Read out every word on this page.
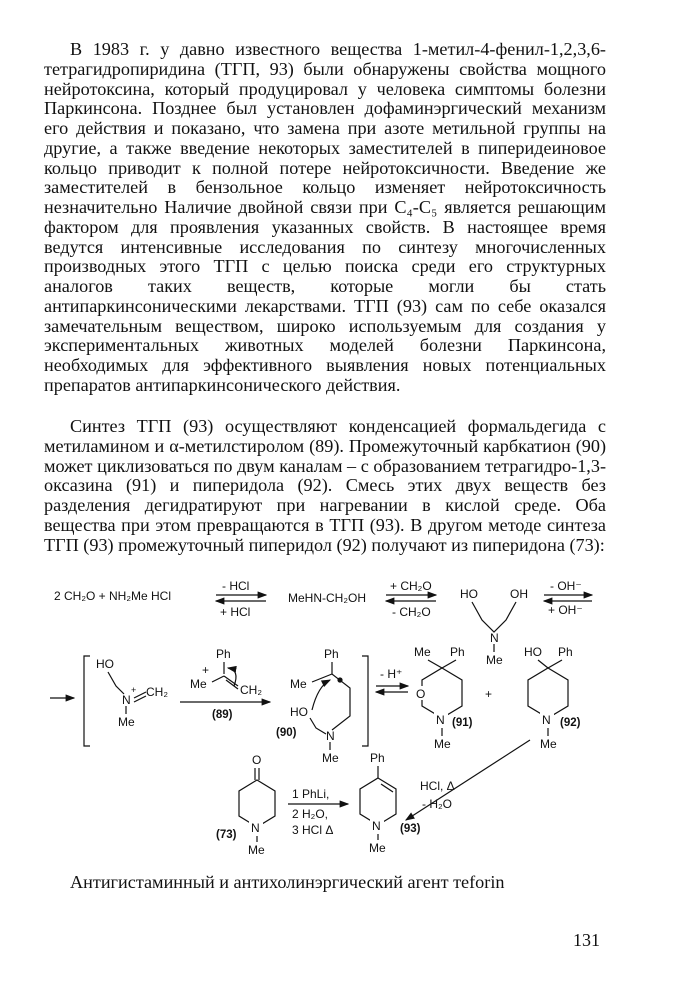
В 1983 г. у давно известного вещества 1-метил-4-фенил-1,2,3,6-тетрагидропиридина (ТГП, 93) были обнаружены свойства мощного нейротоксина, который продуцировал у человека симптомы болезни Паркинсона. Позднее был установлен дофаминэргический механизм его действия и показано, что замена при азоте метильной группы на другие, а также введение некоторых заместителей в пиперидеиновое кольцо приводит к полной потере нейротоксичности. Введение же заместителей в бензольное кольцо изменяет нейротоксичность незначительно Наличие двойной связи при C₄-C₅ является решающим фактором для проявления указанных свойств. В настоящее время ведутся интенсивные исследования по синтезу многочисленных производных этого ТГП с целью поиска среди его структурных аналогов таких веществ, которые могли бы стать антипаркинсоническими лекарствами. ТГП (93) сам по себе оказался замечательным веществом, широко используемым для создания у экспериментальных животных моделей болезни Паркинсона, необходимых для эффективного выявления новых потенциальных препаратов антипаркинсонического действия.

Синтез ТГП (93) осуществляют конденсацией формальдегида с метиламином и α-метилстиролом (89). Промежуточный карбкатион (90) может циклизоваться по двум каналам – с образованием тетрагидро-1,3-оксазина (91) и пиперидола (92). Смесь этих двух веществ без разделения дегидратируют при нагревании в кислой среде. Оба вещества при этом превращаются в ТГП (93). В другом методе синтеза ТГП (93) промежуточный пиперидол (92) получают из пиперидона (73):

2 CH₂O + NH₂Me HCl
- HCl
+ HCl
MeHN-CH₂OH
+ CH₂O
- CH₂O
HO	OH
N
Me
- OH⁻
+ OH⁻
HO
N
+ CH₂
Me
+
Ph
Me	CH₂
(89)
Ph
Me
HO
N
Me
(90)
- H⁺
Me Ph
O
N
Me
(91)
+
HO Ph
N
Me
(92)
O
N
Me
(73)
1 PhLi,
2 H₂O,
3 HCl Δ
Ph
N
Me
(93)
HCl, Δ
- H₂O

Антигистаминный и антихолинэргический агент теforin

131
